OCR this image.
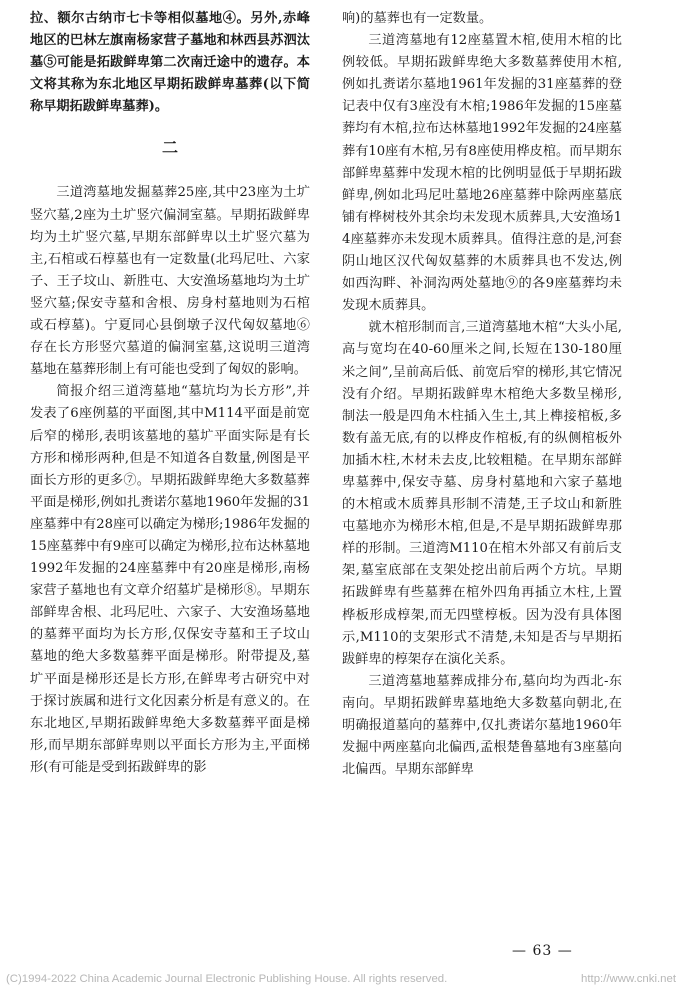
拉、额尔古纳市七卡等相似墓地④。另外,赤峰地区的巴林左旗南杨家营子墓地和林西县苏泗汰墓⑤可能是拓跋鲜卑第二次南迁途中的遗存。本文将其称为东北地区早期拓跋鲜卑墓葬(以下简称早期拓跋鲜卑墓葬)。

二

三道湾墓地发掘墓葬25座,其中23座为土圹竖穴墓,2座为土圹竖穴偏洞室墓。早期拓跋鲜卑均为土圹竖穴墓,早期东部鲜卑以土圹竖穴墓为主,石棺或石椁墓也有一定数量(北玛尼吐、六家子、王子坟山、新胜屯、大安渔场墓地均为土圹竖穴墓;保安寺墓和舍根、房身村墓地则为石棺或石椁墓)。宁夏同心县倒墩子汉代匈奴墓地⑥存在长方形竖穴墓道的偏洞室墓,这说明三道湾墓地在墓葬形制上有可能也受到了匈奴的影响。

简报介绍三道湾墓地“墓坑均为长方形”,并发表了6座例墓的平面图,其中M114平面是前宽后窄的梯形,表明该墓地的墓圹平面实际是有长方形和梯形两种,但是不知道各自数量,例图是平面长方形的更多⑦。早期拓跋鲜卑绝大多数墓葬平面是梯形,例如扎赉诺尔墓地1960年发掘的31座墓葬中有28座可以确定为梯形;1986年发掘的15座墓葬中有9座可以确定为梯形,拉布达林墓地1992年发掘的24座墓葬中有20座是梯形,南杨家营子墓地也有文章介绍墓圹是梯形⑧。早期东部鲜卑舍根、北玛尼吐、六家子、大安渔场墓地的墓葬平面均为长方形,仅保安寺墓和王子坟山墓地的绝大多数墓葬平面是梯形。附带提及,墓圹平面是梯形还是长方形,在鲜卑考古研究中对于探讨族属和进行文化因素分析是有意义的。在东北地区,早期拓跋鲜卑绝大多数墓葬平面是梯形,而早期东部鲜卑则以平面长方形为主,平面梯形(有可能是受到拓跋鲜卑的影

响)的墓葬也有一定数量。

三道湾墓地有12座墓置木棺,使用木棺的比例较低。早期拓跋鲜卑绝大多数墓葬使用木棺,例如扎赉诺尔墓地1961年发掘的31座墓葬的登记表中仅有3座没有木棺;1986年发掘的15座墓葬均有木棺,拉布达林墓地1992年发掘的24座墓葬有10座有木棺,另有8座使用桦皮棺。而早期东部鲜卑墓葬中发现木棺的比例明显低于早期拓跋鲜卑,例如北玛尼吐墓地26座墓葬中除两座墓底铺有桦树枝外其余均未发现木质葬具,大安渔场14座墓葬亦未发现木质葬具。值得注意的是,河套阴山地区汉代匈奴墓葬的木质葬具也不发达,例如西沟畔、补洞沟两处墓地⑨的各9座墓葬均未发现木质葬具。

就木棺形制而言,三道湾墓地木棺“大头小尾,高与宽均在40-60厘米之间,长短在130-180厘米之间”,呈前高后低、前宽后窄的梯形,其它情况没有介绍。早期拓跋鲜卑木棺绝大多数呈梯形,制法一般是四角木柱插入生土,其上榫接棺板,多数有盖无底,有的以桦皮作棺板,有的纵侧棺板外加插木柱,木材未去皮,比较粗糙。在早期东部鲜卑墓葬中,保安寺墓、房身村墓地和六家子墓地的木棺或木质葬具形制不清楚,王子坟山和新胜屯墓地亦为梯形木棺,但是,不是早期拓跋鲜卑那样的形制。三道湾M110在棺木外部又有前后支架,墓室底部在支架处挖出前后两个方坑。早期拓跋鲜卑有些墓葬在棺外四角再插立木柱,上置桦板形成椁架,而无四壁椁板。因为没有具体图示,M110的支架形式不清楚,未知是否与早期拓跋鲜卑的椁架存在演化关系。

三道湾墓地墓葬成排分布,墓向均为西北-东南向。早期拓跋鲜卑墓地绝大多数墓向朝北,在明确报道墓向的墓葬中,仅扎赉诺尔墓地1960年发掘中两座墓向北偏西,孟根楚鲁墓地有3座墓向北偏西。早期东部鲜卑

— 63 —
(C)1994-2022 China Academic Journal Electronic Publishing House. All rights reserved.	http://www.cnki.net
